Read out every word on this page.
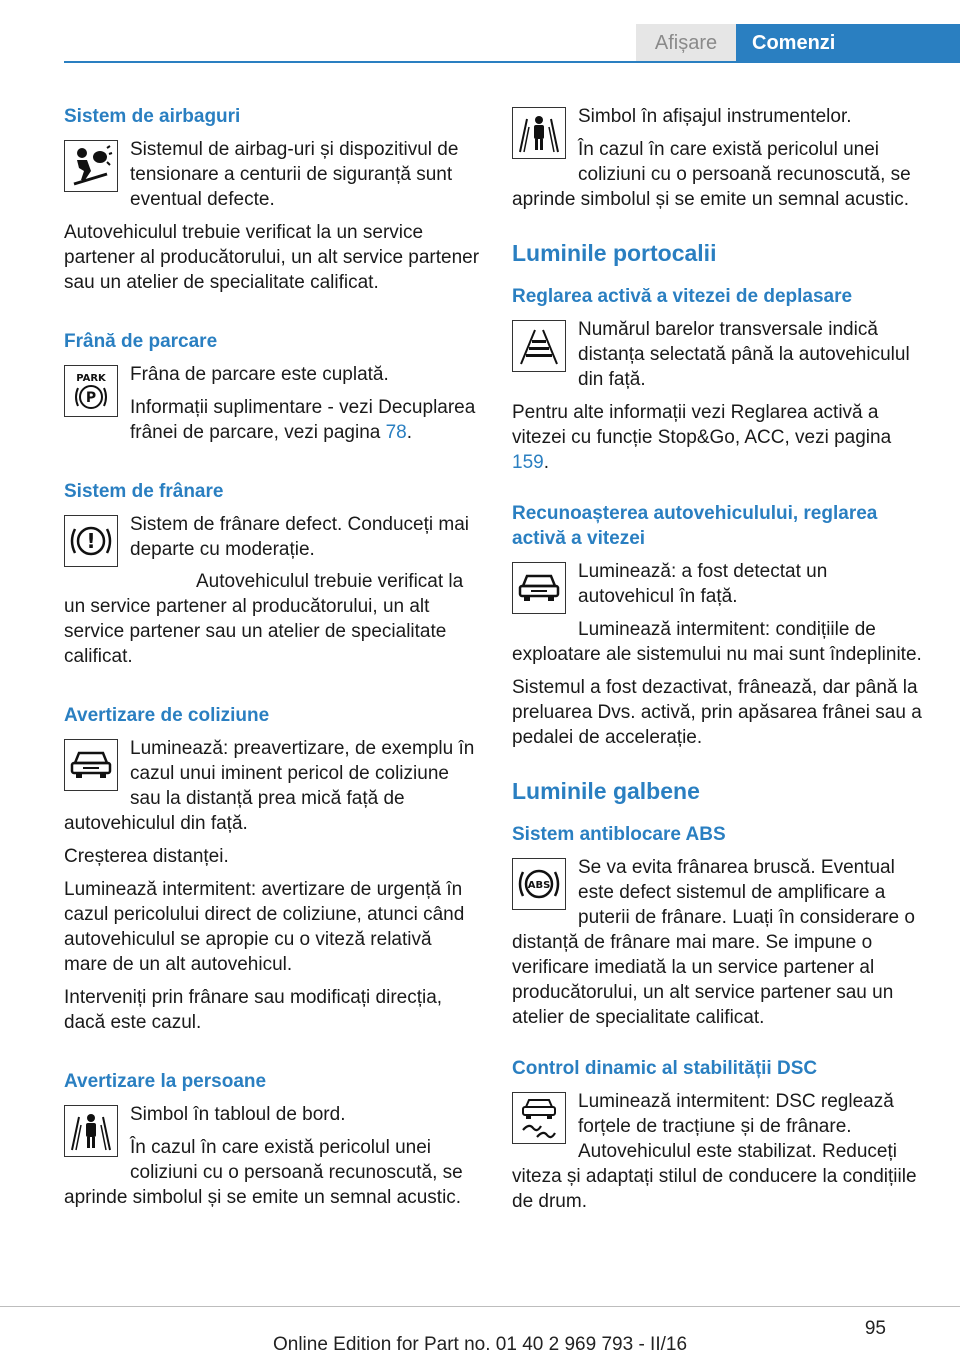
Afișare	Comenzi
Sistem de airbaguri

Sistemul de airbag-uri și dispozitivul de tensionare a centurii de siguranță sunt eventual defecte.

Autovehiculul trebuie verificat la un service partener al producătorului, un alt service partener sau un atelier de specialitate calificat.

Frână de parcare
PARK
P

Frâna de parcare este cuplată.

Informații suplimentare - vezi Decuplarea frânei de parcare, vezi pagina 78.

Sistem de frânare
!

Sistem de frânare defect. Conduceți mai departe cu moderație.

Autovehiculul trebuie verificat la un service partener al producătorului, un alt service partener sau un atelier de specialitate calificat.

Avertizare de coliziune

Luminează: preavertizare, de exemplu în cazul unui iminent pericol de coliziune sau la distanță prea mică față de autovehiculul din față.

Creșterea distanței.

Luminează intermitent: avertizare de urgență în cazul pericolului direct de coliziune, atunci când autovehiculul se apropie cu o viteză relativă mare de un alt autovehicul.

Interveniți prin frânare sau modificați direcția, dacă este cazul.

Avertizare la persoane

Simbol în tabloul de bord.

În cazul în care există pericolul unei coliziuni cu o persoană recunoscută, se aprinde simbolul și se emite un semnal acustic.

Simbol în afișajul instrumentelor.

În cazul în care există pericolul unei coliziuni cu o persoană recunoscută, se aprinde simbolul și se emite un semnal acustic.

Luminile portocalii
Reglarea activă a vitezei de deplasare

Numărul barelor transversale indică distanța selectată până la autovehiculul din față.

Pentru alte informații vezi Reglarea activă a vitezei cu funcție Stop&Go, ACC, vezi pagina 159.

Recunoașterea autovehiculului, reglarea activă a vitezei

Luminează: a fost detectat un autovehicul în față.

Luminează intermitent: condițiile de exploatare ale sistemului nu mai sunt îndeplinite.

Sistemul a fost dezactivat, frânează, dar până la preluarea Dvs. activă, prin apăsarea frânei sau a pedalei de accelerație.

Luminile galbene
Sistem antiblocare ABS
ABS

Se va evita frânarea bruscă. Eventual este defect sistemul de amplificare a puterii de frânare. Luați în considerare o distanță de frânare mai mare. Se impune o verificare imediată la un service partener al producătorului, un alt service partener sau un atelier de specialitate calificat.

Control dinamic al stabilității DSC

Luminează intermitent: DSC reglează forțele de tracțiune și de frânare. Autovehiculul este stabilizat. Reduceți viteza și adaptați stilul de conducere la condițiile de drum.

95
Online Edition for Part no. 01 40 2 969 793 - II/16
